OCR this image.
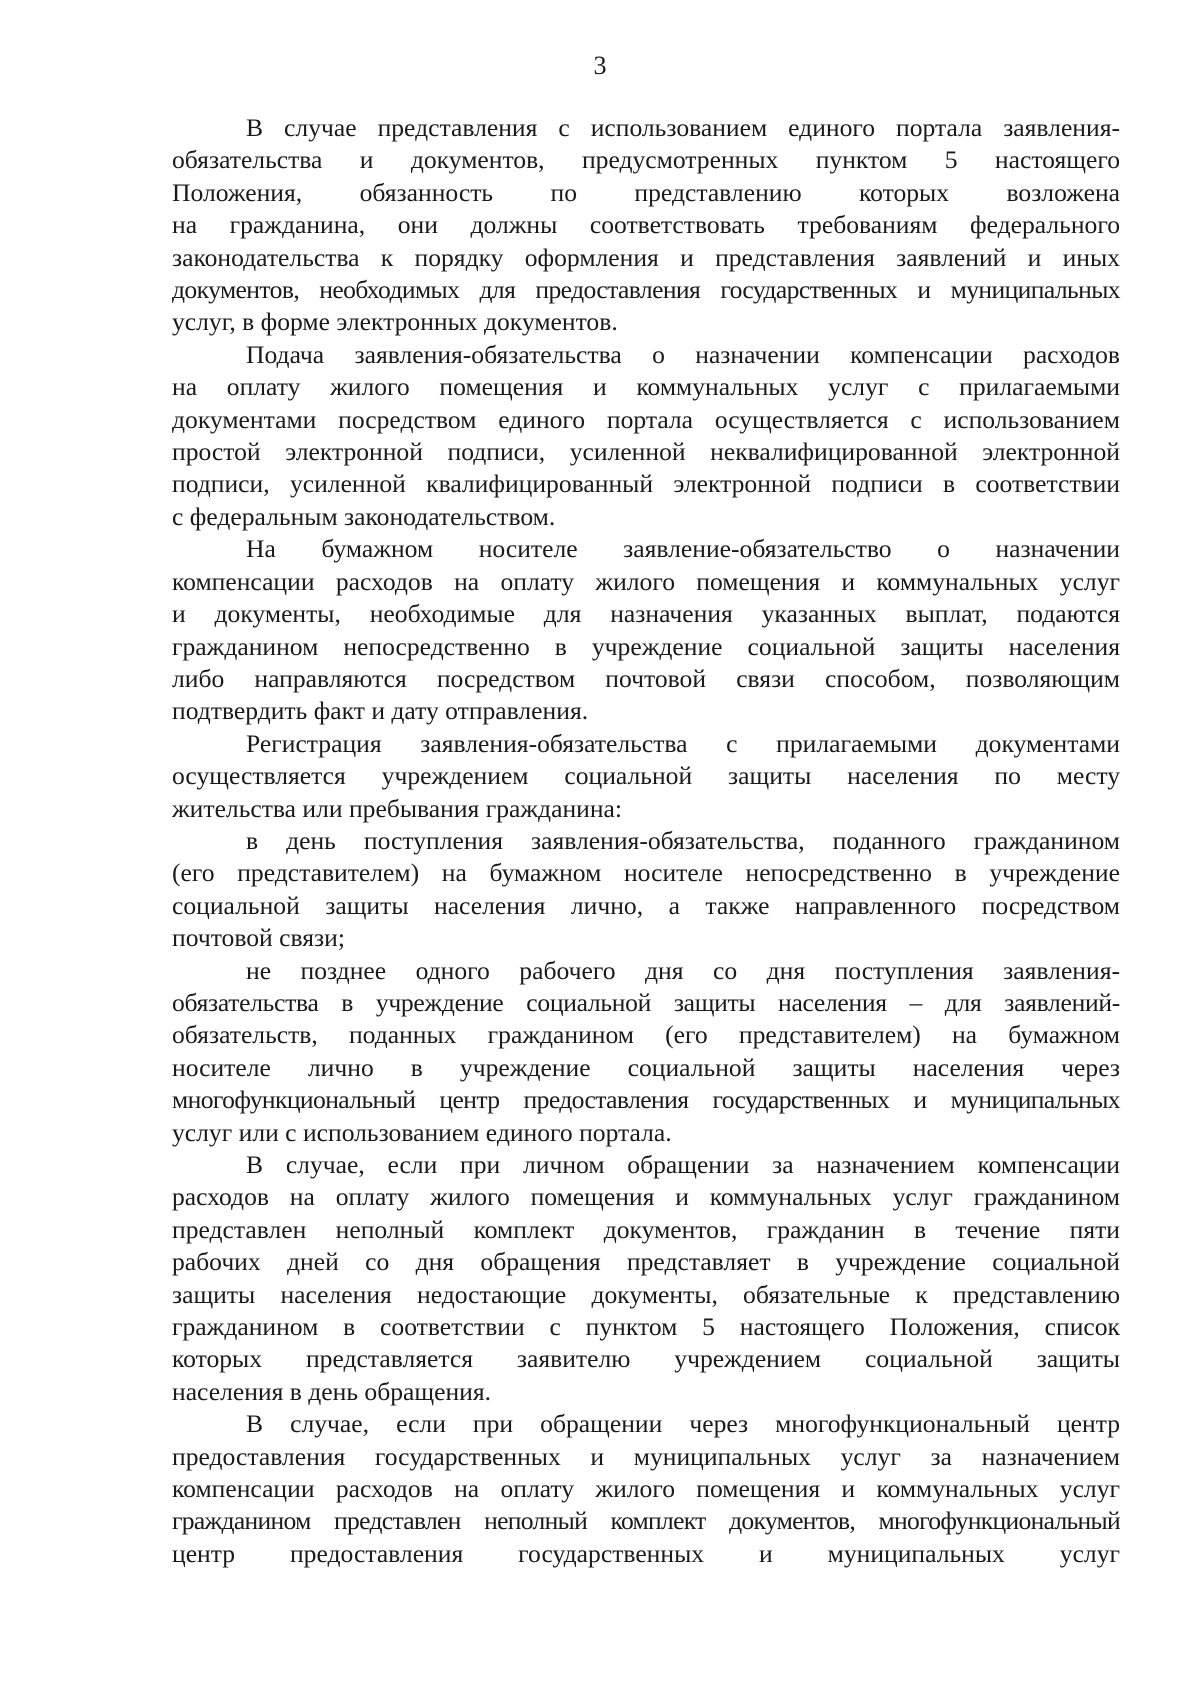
3
В случае представления с использованием единого портала заявления-
обязательства и документов, предусмотренных пунктом 5 настоящего
Положения, обязанность по представлению которых возложена
на гражданина, они должны соответствовать требованиям федерального
законодательства к порядку оформления и представления заявлений и иных
документов, необходимых для предоставления государственных и муниципальных
услуг, в форме электронных документов.
Подача заявления-обязательства о назначении компенсации расходов
на оплату жилого помещения и коммунальных услуг с прилагаемыми
документами посредством единого портала осуществляется с использованием
простой электронной подписи, усиленной неквалифицированной электронной
подписи, усиленной квалифицированный электронной подписи в соответствии
с федеральным законодательством.
На бумажном носителе заявление-обязательство о назначении
компенсации расходов на оплату жилого помещения и коммунальных услуг
и документы, необходимые для назначения указанных выплат, подаются
гражданином непосредственно в учреждение социальной защиты населения
либо направляются посредством почтовой связи способом, позволяющим
подтвердить факт и дату отправления.
Регистрация заявления-обязательства с прилагаемыми документами
осуществляется учреждением социальной защиты населения по месту
жительства или пребывания гражданина:
в день поступления заявления-обязательства, поданного гражданином
(его представителем) на бумажном носителе непосредственно в учреждение
социальной защиты населения лично, а также направленного посредством
почтовой связи;
не позднее одного рабочего дня со дня поступления заявления-
обязательства в учреждение социальной защиты населения – для заявлений-
обязательств, поданных гражданином (его представителем) на бумажном
носителе лично в учреждение социальной защиты населения через
многофункциональный центр предоставления государственных и муниципальных
услуг или с использованием единого портала.
В случае, если при личном обращении за назначением компенсации
расходов на оплату жилого помещения и коммунальных услуг гражданином
представлен неполный комплект документов, гражданин в течение пяти
рабочих дней со дня обращения представляет в учреждение социальной
защиты населения недостающие документы, обязательные к представлению
гражданином в соответствии с пунктом 5 настоящего Положения, список
которых представляется заявителю учреждением социальной защиты
населения в день обращения.
В случае, если при обращении через многофункциональный центр
предоставления государственных и муниципальных услуг за назначением
компенсации расходов на оплату жилого помещения и коммунальных услуг
гражданином представлен неполный комплект документов, многофункциональный
центр предоставления государственных и муниципальных услуг
